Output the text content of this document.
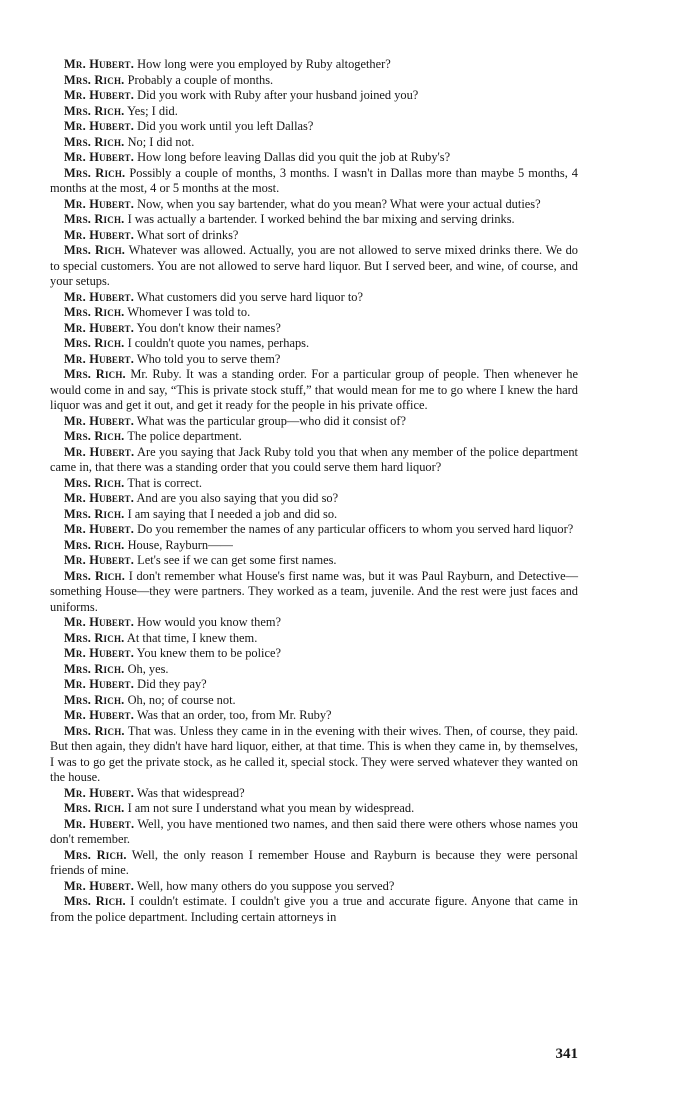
Mr. Hubert. How long were you employed by Ruby altogether?

Mrs. Rich. Probably a couple of months.

Mr. Hubert. Did you work with Ruby after your husband joined you?

Mrs. Rich. Yes; I did.

Mr. Hubert. Did you work until you left Dallas?

Mrs. Rich. No; I did not.

Mr. Hubert. How long before leaving Dallas did you quit the job at Ruby's?

Mrs. Rich. Possibly a couple of months, 3 months. I wasn't in Dallas more than maybe 5 months, 4 months at the most, 4 or 5 months at the most.

Mr. Hubert. Now, when you say bartender, what do you mean? What were your actual duties?

Mrs. Rich. I was actually a bartender. I worked behind the bar mixing and serving drinks.

Mr. Hubert. What sort of drinks?

Mrs. Rich. Whatever was allowed. Actually, you are not allowed to serve mixed drinks there. We do to special customers. You are not allowed to serve hard liquor. But I served beer, and wine, of course, and your setups.

Mr. Hubert. What customers did you serve hard liquor to?

Mrs. Rich. Whomever I was told to.

Mr. Hubert. You don't know their names?

Mrs. Rich. I couldn't quote you names, perhaps.

Mr. Hubert. Who told you to serve them?

Mrs. Rich. Mr. Ruby. It was a standing order. For a particular group of people. Then whenever he would come in and say, “This is private stock stuff,” that would mean for me to go where I knew the hard liquor was and get it out, and get it ready for the people in his private office.

Mr. Hubert. What was the particular group—who did it consist of?

Mrs. Rich. The police department.

Mr. Hubert. Are you saying that Jack Ruby told you that when any member of the police department came in, that there was a standing order that you could serve them hard liquor?

Mrs. Rich. That is correct.

Mr. Hubert. And are you also saying that you did so?

Mrs. Rich. I am saying that I needed a job and did so.

Mr. Hubert. Do you remember the names of any particular officers to whom you served hard liquor?

Mrs. Rich. House, Rayburn——

Mr. Hubert. Let's see if we can get some first names.

Mrs. Rich. I don't remember what House's first name was, but it was Paul Rayburn, and Detective—something House—they were partners. They worked as a team, juvenile. And the rest were just faces and uniforms.

Mr. Hubert. How would you know them?

Mrs. Rich. At that time, I knew them.

Mr. Hubert. You knew them to be police?

Mrs. Rich. Oh, yes.

Mr. Hubert. Did they pay?

Mrs. Rich. Oh, no; of course not.

Mr. Hubert. Was that an order, too, from Mr. Ruby?

Mrs. Rich. That was. Unless they came in in the evening with their wives. Then, of course, they paid. But then again, they didn't have hard liquor, either, at that time. This is when they came in, by themselves, I was to go get the private stock, as he called it, special stock. They were served whatever they wanted on the house.

Mr. Hubert. Was that widespread?

Mrs. Rich. I am not sure I understand what you mean by widespread.

Mr. Hubert. Well, you have mentioned two names, and then said there were others whose names you don't remember.

Mrs. Rich. Well, the only reason I remember House and Rayburn is because they were personal friends of mine.

Mr. Hubert. Well, how many others do you suppose you served?

Mrs. Rich. I couldn't estimate. I couldn't give you a true and accurate figure. Anyone that came in from the police department. Including certain attorneys in

341
